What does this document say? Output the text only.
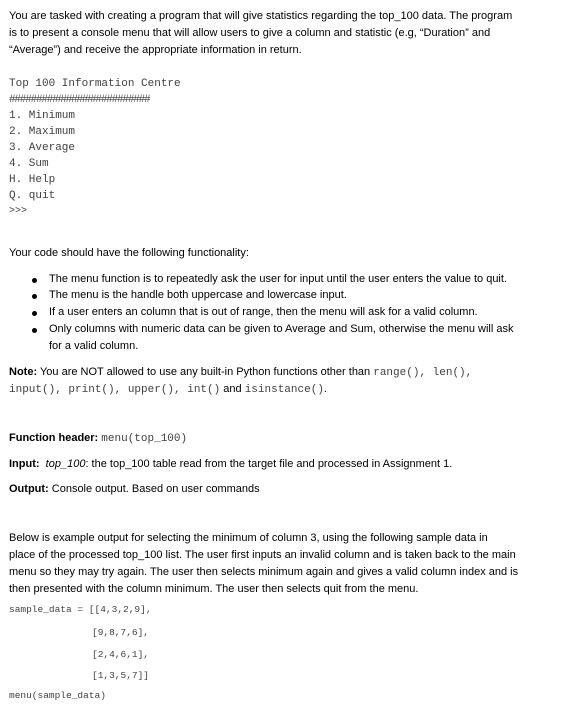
You are tasked with creating a program that will give statistics regarding the top_100 data. The program
is to present a console menu that will allow users to give a column and statistic (e.g, “Duration” and
“Average”) and receive the appropriate information in return.
Top 100 Information Centre
##########################
1. Minimum
2. Maximum
3. Average
4. Sum
H. Help
Q. quit
>>>
Your code should have the following functionality:
The menu function is to repeatedly ask the user for input until the user enters the value to quit.
The menu is the handle both uppercase and lowercase input.
If a user enters an column that is out of range, then the menu will ask for a valid column.
Only columns with numeric data can be given to Average and Sum, otherwise the menu will ask
for a valid column.
Note: You are NOT allowed to use any built-in Python functions other than range(), len(),
input(), print(), upper(), int() and isinstance().
Function header: menu(top_100)
Input: top_100: the top_100 table read from the target file and processed in Assignment 1.
Output: Console output. Based on user commands
Below is example output for selecting the minimum of column 3, using the following sample data in
place of the processed top_100 list. The user first inputs an invalid column and is taken back to the main
menu so they may try again. The user then selects minimum again and gives a valid column index and is
then presented with the column minimum. The user then selects quit from the menu.
sample_data = [[4,3,2,9],
[9,8,7,6],
[2,4,6,1],
[1,3,5,7]]
menu(sample_data)
